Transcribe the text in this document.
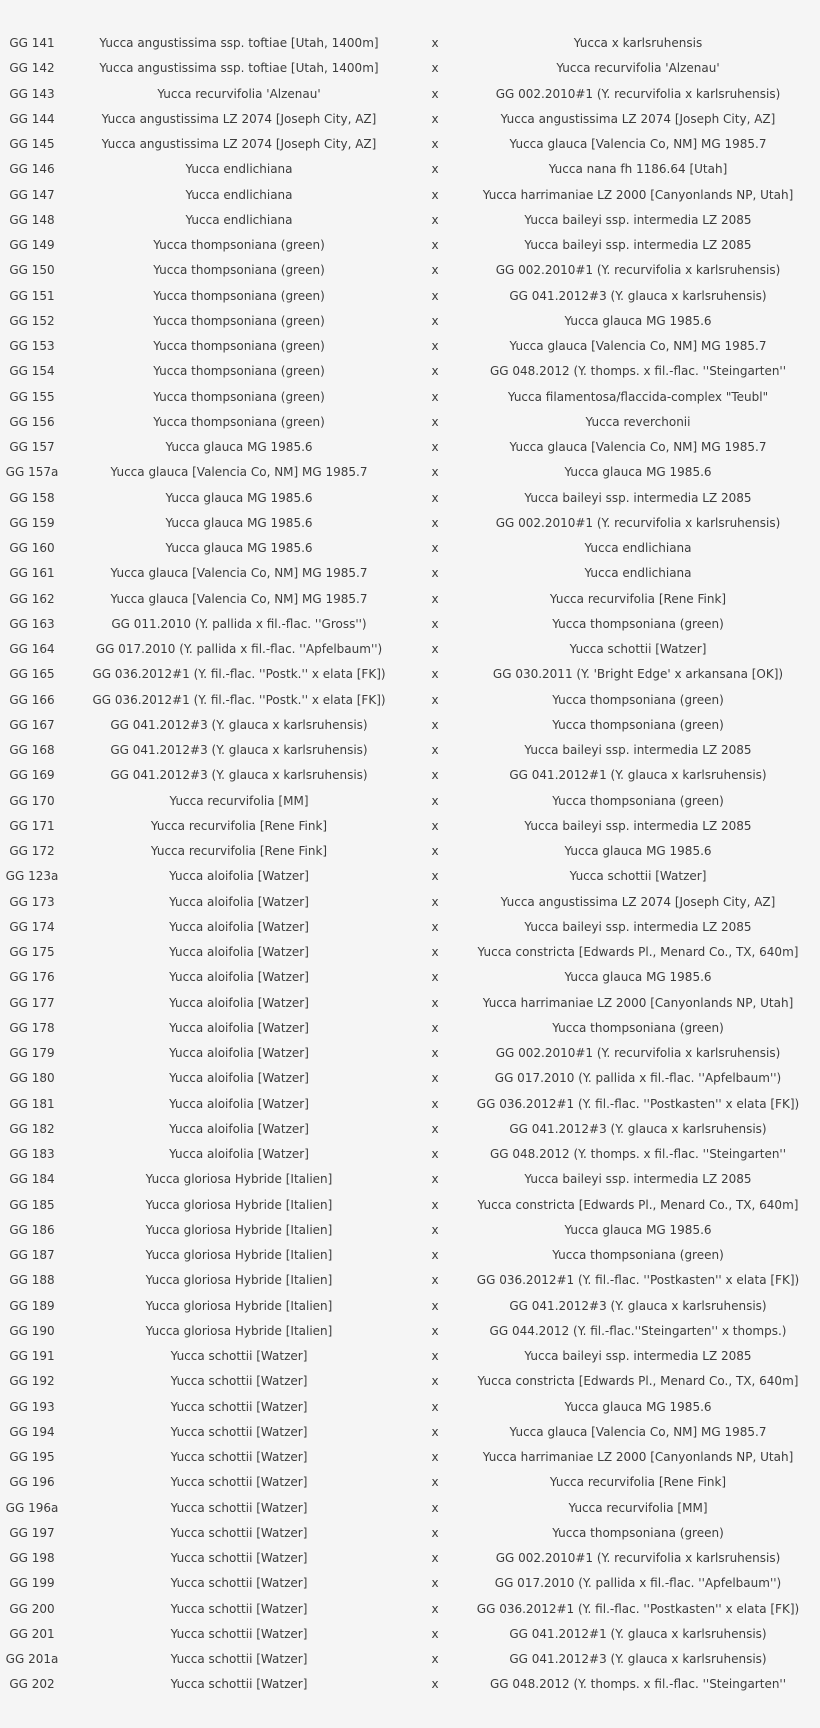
GG 141	Yucca angustissima ssp. toftiae [Utah, 1400m]	x	Yucca x karlsruhensis
GG 142	Yucca angustissima ssp. toftiae [Utah, 1400m]	x	Yucca recurvifolia 'Alzenau'
GG 143	Yucca recurvifolia 'Alzenau'	x	GG 002.2010#1 (Y. recurvifolia x karlsruhensis)
GG 144	Yucca angustissima LZ 2074 [Joseph City, AZ]	x	Yucca angustissima LZ 2074 [Joseph City, AZ]
GG 145	Yucca angustissima LZ 2074 [Joseph City, AZ]	x	Yucca glauca [Valencia Co, NM] MG 1985.7
GG 146	Yucca endlichiana	x	Yucca nana fh 1186.64 [Utah]
GG 147	Yucca endlichiana	x	Yucca harrimaniae LZ 2000 [Canyonlands NP, Utah]
GG 148	Yucca endlichiana	x	Yucca baileyi ssp. intermedia LZ 2085
GG 149	Yucca thompsoniana (green)	x	Yucca baileyi ssp. intermedia LZ 2085
GG 150	Yucca thompsoniana (green)	x	GG 002.2010#1 (Y. recurvifolia x karlsruhensis)
GG 151	Yucca thompsoniana (green)	x	GG 041.2012#3 (Y. glauca x karlsruhensis)
GG 152	Yucca thompsoniana (green)	x	Yucca glauca MG 1985.6
GG 153	Yucca thompsoniana (green)	x	Yucca glauca [Valencia Co, NM] MG 1985.7
GG 154	Yucca thompsoniana (green)	x	GG 048.2012 (Y. thomps. x fil.-flac. ''Steingarten''
GG 155	Yucca thompsoniana (green)	x	Yucca filamentosa/flaccida-complex "Teubl"
GG 156	Yucca thompsoniana (green)	x	Yucca reverchonii
GG 157	Yucca glauca MG 1985.6	x	Yucca glauca [Valencia Co, NM] MG 1985.7
GG 157a	Yucca glauca [Valencia Co, NM] MG 1985.7	x	Yucca glauca MG 1985.6
GG 158	Yucca glauca MG 1985.6	x	Yucca baileyi ssp. intermedia LZ 2085
GG 159	Yucca glauca MG 1985.6	x	GG 002.2010#1 (Y. recurvifolia x karlsruhensis)
GG 160	Yucca glauca MG 1985.6	x	Yucca endlichiana
GG 161	Yucca glauca [Valencia Co, NM] MG 1985.7	x	Yucca endlichiana
GG 162	Yucca glauca [Valencia Co, NM] MG 1985.7	x	Yucca recurvifolia [Rene Fink]
GG 163	GG 011.2010 (Y. pallida x fil.-flac. ''Gross'')	x	Yucca thompsoniana (green)
GG 164	GG 017.2010 (Y. pallida x fil.-flac. ''Apfelbaum'')	x	Yucca schottii [Watzer]
GG 165	GG 036.2012#1 (Y. fil.-flac. ''Postk.'' x elata [FK])	x	GG 030.2011 (Y. 'Bright Edge' x arkansana [OK])
GG 166	GG 036.2012#1 (Y. fil.-flac. ''Postk.'' x elata [FK])	x	Yucca thompsoniana (green)
GG 167	GG 041.2012#3 (Y. glauca x karlsruhensis)	x	Yucca thompsoniana (green)
GG 168	GG 041.2012#3 (Y. glauca x karlsruhensis)	x	Yucca baileyi ssp. intermedia LZ 2085
GG 169	GG 041.2012#3 (Y. glauca x karlsruhensis)	x	GG 041.2012#1 (Y. glauca x karlsruhensis)
GG 170	Yucca recurvifolia [MM]	x	Yucca thompsoniana (green)
GG 171	Yucca recurvifolia [Rene Fink]	x	Yucca baileyi ssp. intermedia LZ 2085
GG 172	Yucca recurvifolia [Rene Fink]	x	Yucca glauca MG 1985.6
GG 123a	Yucca aloifolia [Watzer]	x	Yucca schottii [Watzer]
GG 173	Yucca aloifolia [Watzer]	x	Yucca angustissima LZ 2074 [Joseph City, AZ]
GG 174	Yucca aloifolia [Watzer]	x	Yucca baileyi ssp. intermedia LZ 2085
GG 175	Yucca aloifolia [Watzer]	x	Yucca constricta [Edwards Pl., Menard Co., TX, 640m]
GG 176	Yucca aloifolia [Watzer]	x	Yucca glauca MG 1985.6
GG 177	Yucca aloifolia [Watzer]	x	Yucca harrimaniae LZ 2000 [Canyonlands NP, Utah]
GG 178	Yucca aloifolia [Watzer]	x	Yucca thompsoniana (green)
GG 179	Yucca aloifolia [Watzer]	x	GG 002.2010#1 (Y. recurvifolia x karlsruhensis)
GG 180	Yucca aloifolia [Watzer]	x	GG 017.2010 (Y. pallida x fil.-flac. ''Apfelbaum'')
GG 181	Yucca aloifolia [Watzer]	x	GG 036.2012#1 (Y. fil.-flac. ''Postkasten'' x elata [FK])
GG 182	Yucca aloifolia [Watzer]	x	GG 041.2012#3 (Y. glauca x karlsruhensis)
GG 183	Yucca aloifolia [Watzer]	x	GG 048.2012 (Y. thomps. x fil.-flac. ''Steingarten''
GG 184	Yucca gloriosa Hybride [Italien]	x	Yucca baileyi ssp. intermedia LZ 2085
GG 185	Yucca gloriosa Hybride [Italien]	x	Yucca constricta [Edwards Pl., Menard Co., TX, 640m]
GG 186	Yucca gloriosa Hybride [Italien]	x	Yucca glauca MG 1985.6
GG 187	Yucca gloriosa Hybride [Italien]	x	Yucca thompsoniana (green)
GG 188	Yucca gloriosa Hybride [Italien]	x	GG 036.2012#1 (Y. fil.-flac. ''Postkasten'' x elata [FK])
GG 189	Yucca gloriosa Hybride [Italien]	x	GG 041.2012#3 (Y. glauca x karlsruhensis)
GG 190	Yucca gloriosa Hybride [Italien]	x	GG 044.2012 (Y. fil.-flac.''Steingarten'' x thomps.)
GG 191	Yucca schottii [Watzer]	x	Yucca baileyi ssp. intermedia LZ 2085
GG 192	Yucca schottii [Watzer]	x	Yucca constricta [Edwards Pl., Menard Co., TX, 640m]
GG 193	Yucca schottii [Watzer]	x	Yucca glauca MG 1985.6
GG 194	Yucca schottii [Watzer]	x	Yucca glauca [Valencia Co, NM] MG 1985.7
GG 195	Yucca schottii [Watzer]	x	Yucca harrimaniae LZ 2000 [Canyonlands NP, Utah]
GG 196	Yucca schottii [Watzer]	x	Yucca recurvifolia [Rene Fink]
GG 196a	Yucca schottii [Watzer]	x	Yucca recurvifolia [MM]
GG 197	Yucca schottii [Watzer]	x	Yucca thompsoniana (green)
GG 198	Yucca schottii [Watzer]	x	GG 002.2010#1 (Y. recurvifolia x karlsruhensis)
GG 199	Yucca schottii [Watzer]	x	GG 017.2010 (Y. pallida x fil.-flac. ''Apfelbaum'')
GG 200	Yucca schottii [Watzer]	x	GG 036.2012#1 (Y. fil.-flac. ''Postkasten'' x elata [FK])
GG 201	Yucca schottii [Watzer]	x	GG 041.2012#1 (Y. glauca x karlsruhensis)
GG 201a	Yucca schottii [Watzer]	x	GG 041.2012#3 (Y. glauca x karlsruhensis)
GG 202	Yucca schottii [Watzer]	x	GG 048.2012 (Y. thomps. x fil.-flac. ''Steingarten''
